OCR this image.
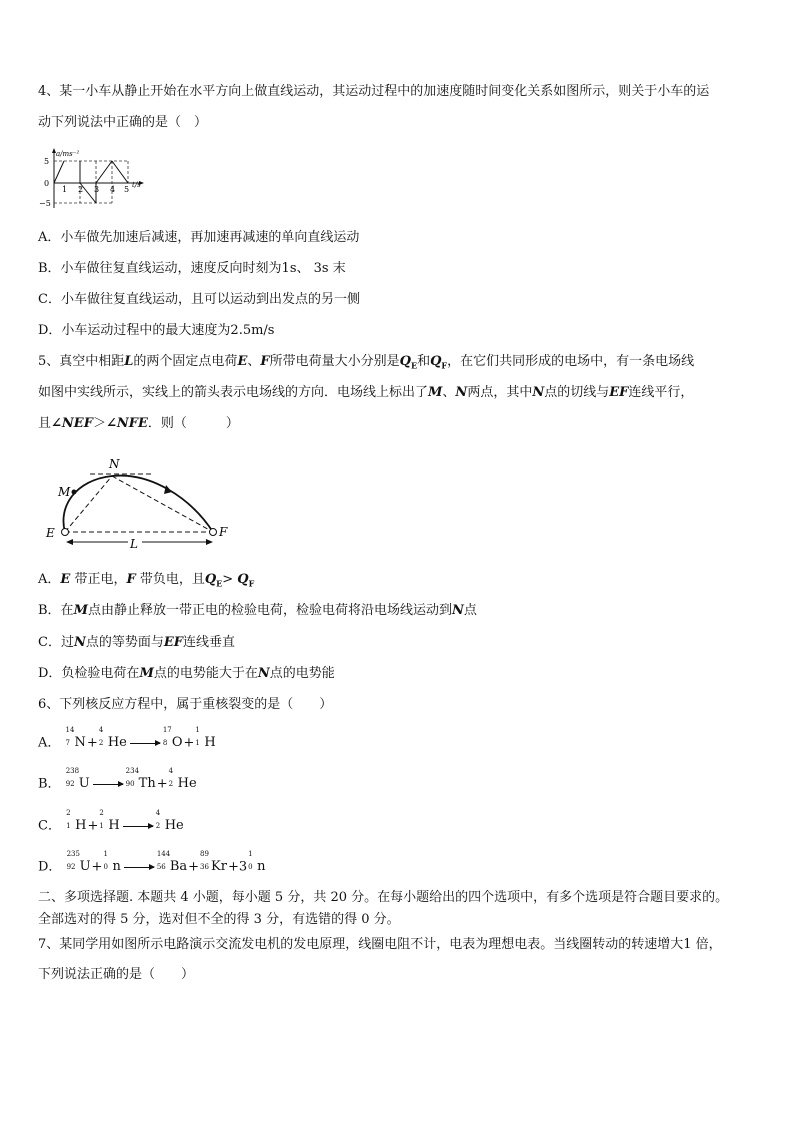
4、某一小车从静止开始在水平方向上做直线运动，其运动过程中的加速度随时间变化关系如图所示，则关于小车的运
动下列说法中正确的是（　）
a/ms⁻²
t/s
5
0
−5
1 2 3 4 5
A．小车做先加速后减速，再加速再减速的单向直线运动
B．小车做往复直线运动，速度反向时刻为1s、 3s 末
C．小车做往复直线运动，且可以运动到出发点的另一侧
D．小车运动过程中的最大速度为2.5m/s
5、真空中相距L的两个固定点电荷E、F所带电荷量大小分别是$Q_E$和$Q_F$，在它们共同形成的电场中，有一条电场线
如图中实线所示，实线上的箭头表示电场线的方向．电场线上标出了M、N两点，其中N点的切线与EF连线平行，
且∠NEF＞∠NFE．则（　　　）
N
M
E	F
L
A．E 带正电，F 带负电，且$Q_E> Q_F$
B．在M点由静止释放一带正电的检验电荷，检验电荷将沿电场线运动到N点
C．过N点的等势面与EF连线垂直
D．负检验电荷在M点的电势能大于在N点的电势能
6、下列核反应方程中，属于重核裂变的是（　　）
A．
14
7 N+
4
2 He
17
8 O+
1
1 H
B．
238
92 U
234
90 Th+
4
2 He
C．
2
1 H+
2
1 H
4
2 He
D．
235
92 U+
1
0 n
144
56 Ba+
89
36 Kr+3
1
0 n
二、多项选择题. 本题共 4 小题，每小题 5 分，共 20 分。在每小题给出的四个选项中，有多个选项是符合题目要求的。
全部选对的得 5 分，选对但不全的得 3 分，有选错的得 0 分。
7、某同学用如图所示电路演示交流发电机的发电原理，线圈电阻不计，电表为理想电表。当线圈转动的转速增大1 倍，
下列说法正确的是（　　）
